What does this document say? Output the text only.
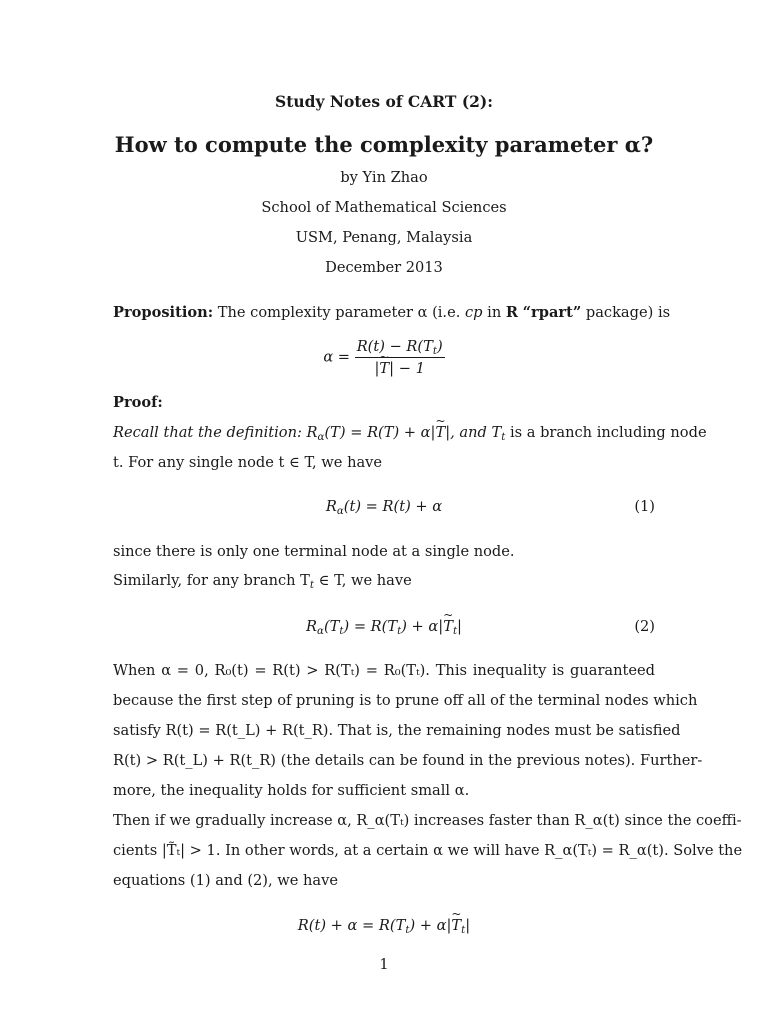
Study Notes of CART (2):
How to compute the complexity parameter α?
by Yin Zhao
School of Mathematical Sciences
USM, Penang, Malaysia
December 2013
Proposition: The complexity parameter α (i.e. cp in R “rpart” package) is
$\alpha = \frac{R(t) - R(T_t)}{|\sim T| - 1}$
Proof:
Recall that the definition: $R_\alpha(T) = R(T)$ + α|~ T|, and $T_t$ is a branch including node
t. For any single node t ∈ T, we have
$R_\alpha(t) = R(t) + \alpha$	(1)
since there is only one terminal node at a single node.
Similarly, for any branch $T_t$ ∈ T, we have
$R_\alpha(T_t) = R(T_t)$ + α|~ $T_t|$	(2)
When α = 0, R₀(t) = R(t) > R(Tₜ) = R₀(Tₜ). This inequality is guaranteed
because the first step of pruning is to prune off all of the terminal nodes which
satisfy R(t) = R(t_L) + R(t_R). That is, the remaining nodes must be satisfied
R(t) > R(t_L) + R(t_R) (the details can be found in the previous notes). Further-
more, the inequality holds for sufficient small α.
Then if we gradually increase α, R_α(Tₜ) increases faster than R_α(t) since the coeffi-
cients |T̃ₜ| > 1. In other words, at a certain α we will have R_α(Tₜ) = R_α(t). Solve the
equations (1) and (2), we have
$R(t) + \alpha = R(T_t)$ + α|~ $T_t|$
1
